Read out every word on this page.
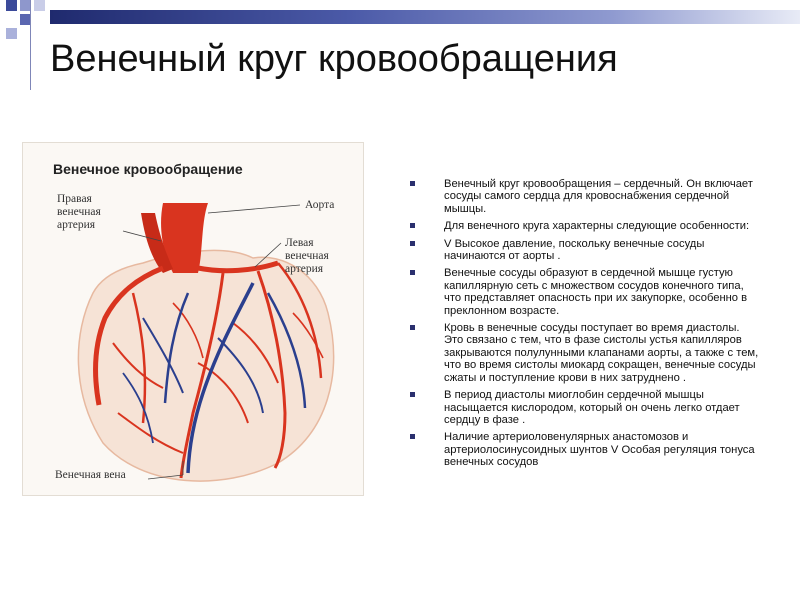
Венечный круг кровообращения
Венечное кровообращение
Правая
венечная
артерия
Аорта
Левая
венечная
артерия
Венечная вена
Венечный круг кровообращения – сердечный. Он включает сосуды самого сердца для кровоснабжения сердечной мышцы.
Для венечного круга характерны следующие особенности:
V Высокое давление, поскольку венечные сосуды начинаются от аорты .
Венечные сосуды образуют в сердечной мышце густую капиллярную сеть с множеством сосудов конечного типа, что представляет опасность при их закупорке, особенно в преклонном возрасте.
Кровь в венечные сосуды поступает во время диастолы. Это связано с тем, что в фазе систолы устья капилляров закрываются полулунными клапанами аорты, а также с тем, что во время систолы миокард сокращен, венечные сосуды сжаты и поступление крови в них затруднено .
В период диастолы миоглобин сердечной мышцы насыщается кислородом, который он очень легко отдает сердцу в фазе .
Наличие артериоловенулярных анастомозов и артериолосинусоидных шунтов V Особая регуляция тонуса венечных сосудов
